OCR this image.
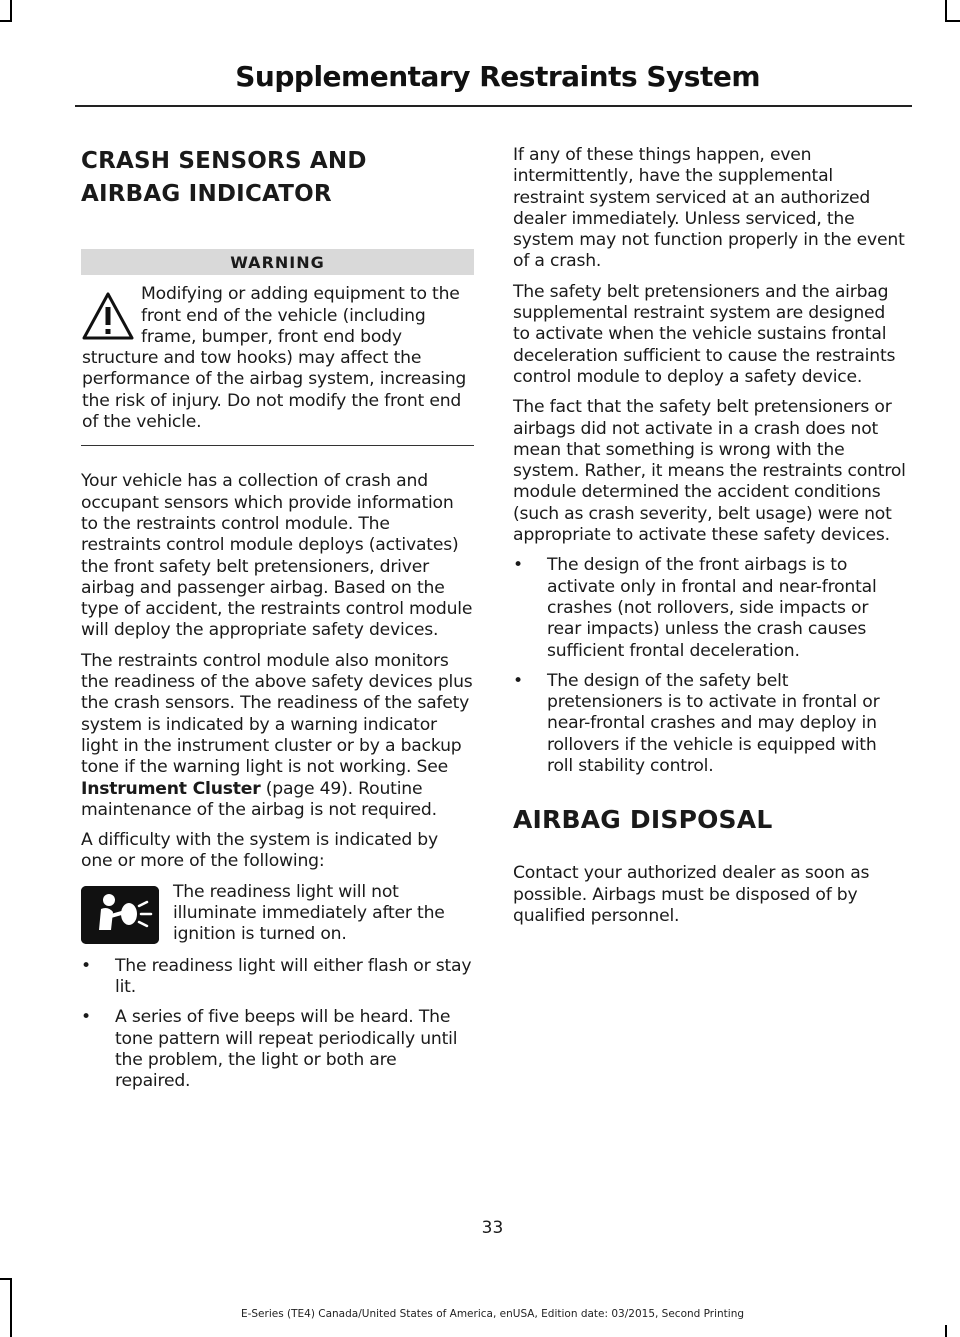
Supplementary Restraints System
CRASH SENSORS AND
AIRBAG INDICATOR
WARNING

Modifying or adding equipment to the front end of the vehicle (including frame, bumper, front end body structure and tow hooks) may affect the performance of the airbag system, increasing the risk of injury. Do not modify the front end of the vehicle.

Your vehicle has a collection of crash and occupant sensors which provide information to the restraints control module. The restraints control module deploys (activates) the front safety belt pretensioners, driver airbag and passenger airbag. Based on the type of accident, the restraints control module will deploy the appropriate safety devices.

The restraints control module also monitors the readiness of the above safety devices plus the crash sensors. The readiness of the safety system is indicated by a warning indicator light in the instrument cluster or by a backup tone if the warning light is not working. See Instrument Cluster (page 49). Routine maintenance of the airbag is not required.

A difficulty with the system is indicated by one or more of the following:

The readiness light will not illuminate immediately after the ignition is turned on.

• The readiness light will either flash or stay lit.
• A series of five beeps will be heard. The tone pattern will repeat periodically until the problem, the light or both are repaired.

If any of these things happen, even intermittently, have the supplemental restraint system serviced at an authorized dealer immediately. Unless serviced, the system may not function properly in the event of a crash.

The safety belt pretensioners and the airbag supplemental restraint system are designed to activate when the vehicle sustains frontal deceleration sufficient to cause the restraints control module to deploy a safety device.

The fact that the safety belt pretensioners or airbags did not activate in a crash does not mean that something is wrong with the system. Rather, it means the restraints control module determined the accident conditions (such as crash severity, belt usage) were not appropriate to activate these safety devices.

• The design of the front airbags is to activate only in frontal and near-frontal crashes (not rollovers, side impacts or rear impacts) unless the crash causes sufficient frontal deceleration.
• The design of the safety belt pretensioners is to activate in frontal or near-frontal crashes and may deploy in rollovers if the vehicle is equipped with roll stability control.
AIRBAG DISPOSAL

Contact your authorized dealer as soon as possible. Airbags must be disposed of by qualified personnel.

33
E-Series (TE4) Canada/United States of America, enUSA, Edition date: 03/2015, Second Printing
